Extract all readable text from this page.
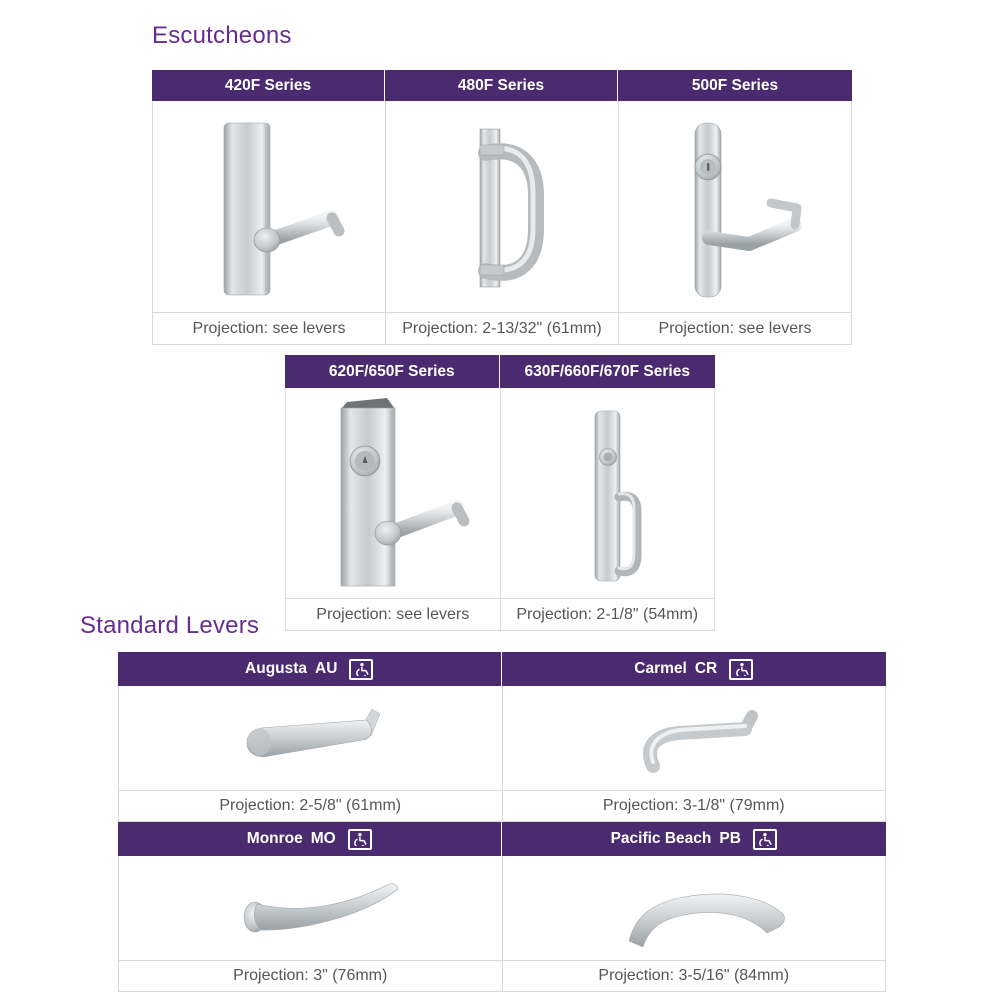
Escutcheons
420F Series
Projection: see levers
480F Series
Projection: 2-13/32" (61mm)
500F Series
Projection: see levers
620F/650F Series
Projection: see levers
630F/660F/670F Series
Projection: 2-1/8" (54mm)
Standard Levers
Augusta AU
Projection: 2-5/8" (61mm)
Monroe MO
Projection: 3" (76mm)
Carmel CR
Projection: 3-1/8" (79mm)
Pacific Beach PB
Projection: 3-5/16" (84mm)
